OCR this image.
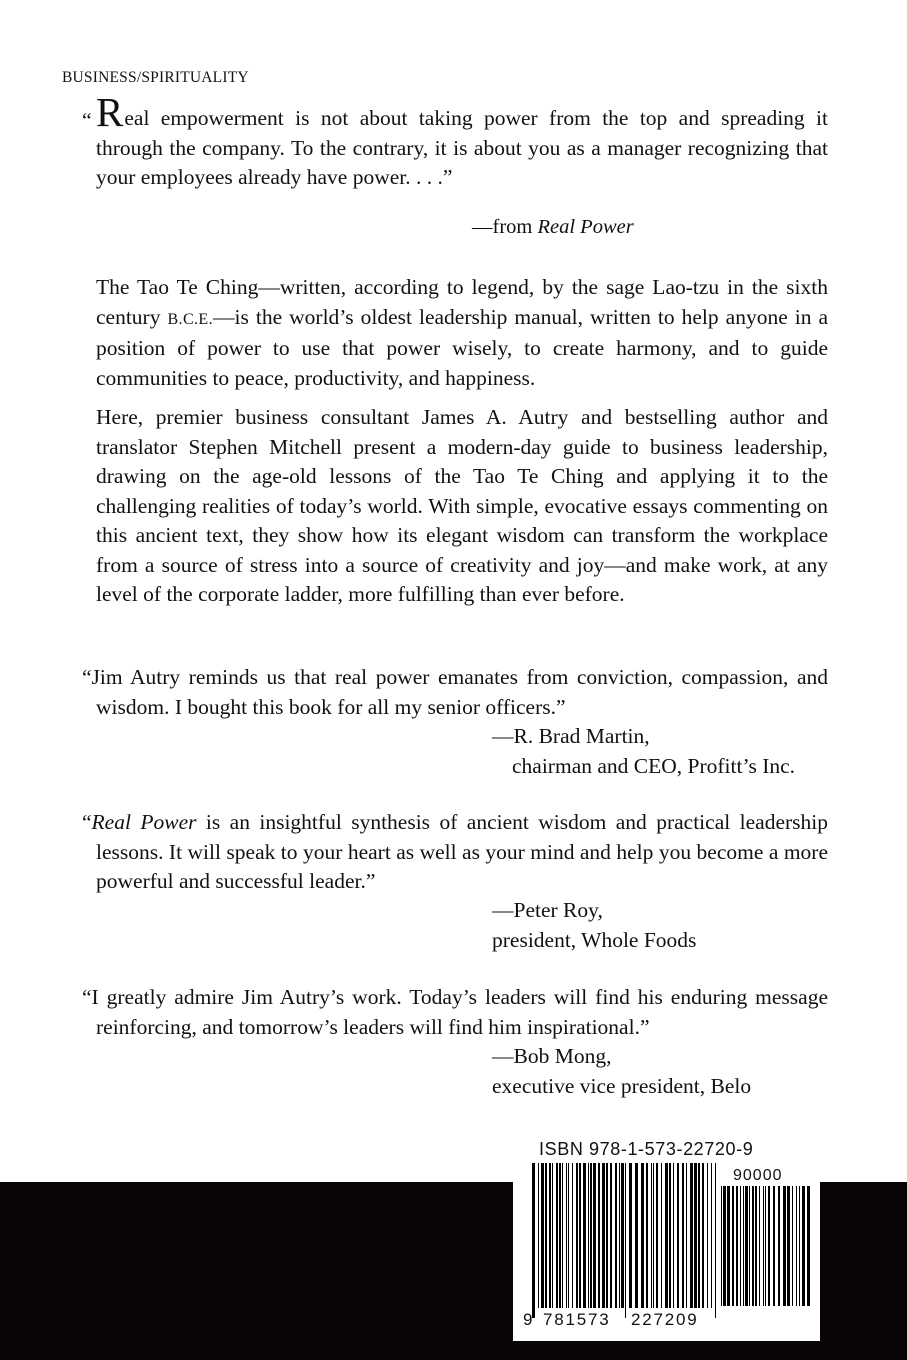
BUSINESS/SPIRITUALITY
“ Real empowerment is not about taking power from the top and spreading it through the company. To the contrary, it is about you as a manager recognizing that your employees already have power. . . .”

—from Real Power

The Tao Te Ching—written, according to legend, by the sage Lao-tzu in the sixth century B.C.E.—is the world’s oldest leadership manual, written to help anyone in a position of power to use that power wisely, to create harmony, and to guide communities to peace, productivity, and happiness.

Here, premier business consultant James A. Autry and bestselling author and translator Stephen Mitchell present a modern-day guide to business leadership, drawing on the age-old lessons of the Tao Te Ching and applying it to the challenging realities of today’s world. With simple, evocative essays commenting on this ancient text, they show how its elegant wisdom can transform the workplace from a source of stress into a source of creativity and joy—and make work, at any level of the corporate ladder, more fulfilling than ever before.

“Jim Autry reminds us that real power emanates from conviction, compassion, and wisdom. I bought this book for all my senior officers.”

—R. Brad Martin,
chairman and CEO, Profitt’s Inc.

“Real Power is an insightful synthesis of ancient wisdom and practical leadership lessons. It will speak to your heart as well as your mind and help you become a more powerful and successful leader.”

—Peter Roy,
president, Whole Foods

“I greatly admire Jim Autry’s work. Today’s leaders will find his enduring message reinforcing, and tomorrow’s leaders will find him inspirational.”

—Bob Mong,
executive vice president, Belo
ISBN 978-1-573-22720-9
90000
9 781573 227209
